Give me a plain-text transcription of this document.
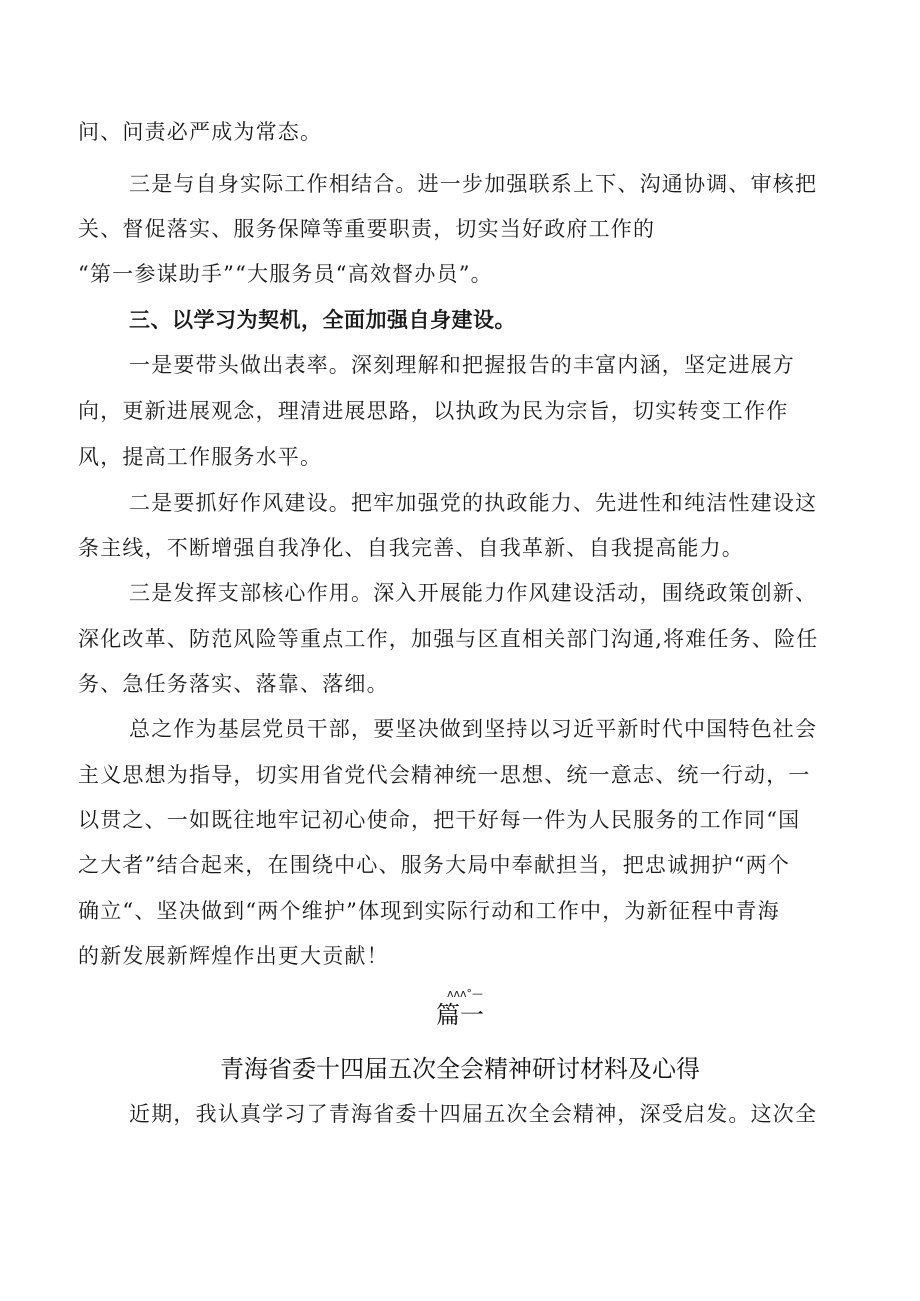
问、问责必严成为常态。
三是与自身实际工作相结合。进一步加强联系上下、沟通协调、审核把
关、督促落实、服务保障等重要职责，切实当好政府工作的
“第一参谋助手”“大服务员“高效督办员”。
三、以学习为契机，全面加强自身建设。
一是要带头做出表率。深刻理解和把握报告的丰富内涵，坚定进展方
向，更新进展观念，理清进展思路，以执政为民为宗旨，切实转变工作作
风，提高工作服务水平。
二是要抓好作风建设。把牢加强党的执政能力、先进性和纯洁性建设这
条主线，不断增强自我净化、自我完善、自我革新、自我提高能力。
三是发挥支部核心作用。深入开展能力作风建设活动，围绕政策创新、
深化改革、防范风险等重点工作，加强与区直相关部门沟通,将难任务、险任
务、急任务落实、落靠、落细。
总之作为基层党员干部，要坚决做到坚持以习近平新时代中国特色社会
主义思想为指导，切实用省党代会精神统一思想、统一意志、统一行动，一
以贯之、一如既往地牢记初心使命，把干好每一件为人民服务的工作同“国
之大者”结合起来，在围绕中心、服务大局中奉献担当，把忠诚拥护“两个
确立“、坚决做到“两个维护”体现到实际行动和工作中，为新征程中青海
的新发展新辉煌作出更大贡献！
ᴧᴧᴧ°—
篇一
青海省委十四届五次全会精神研讨材料及心得
近期，我认真学习了青海省委十四届五次全会精神，深受启发。这次全
